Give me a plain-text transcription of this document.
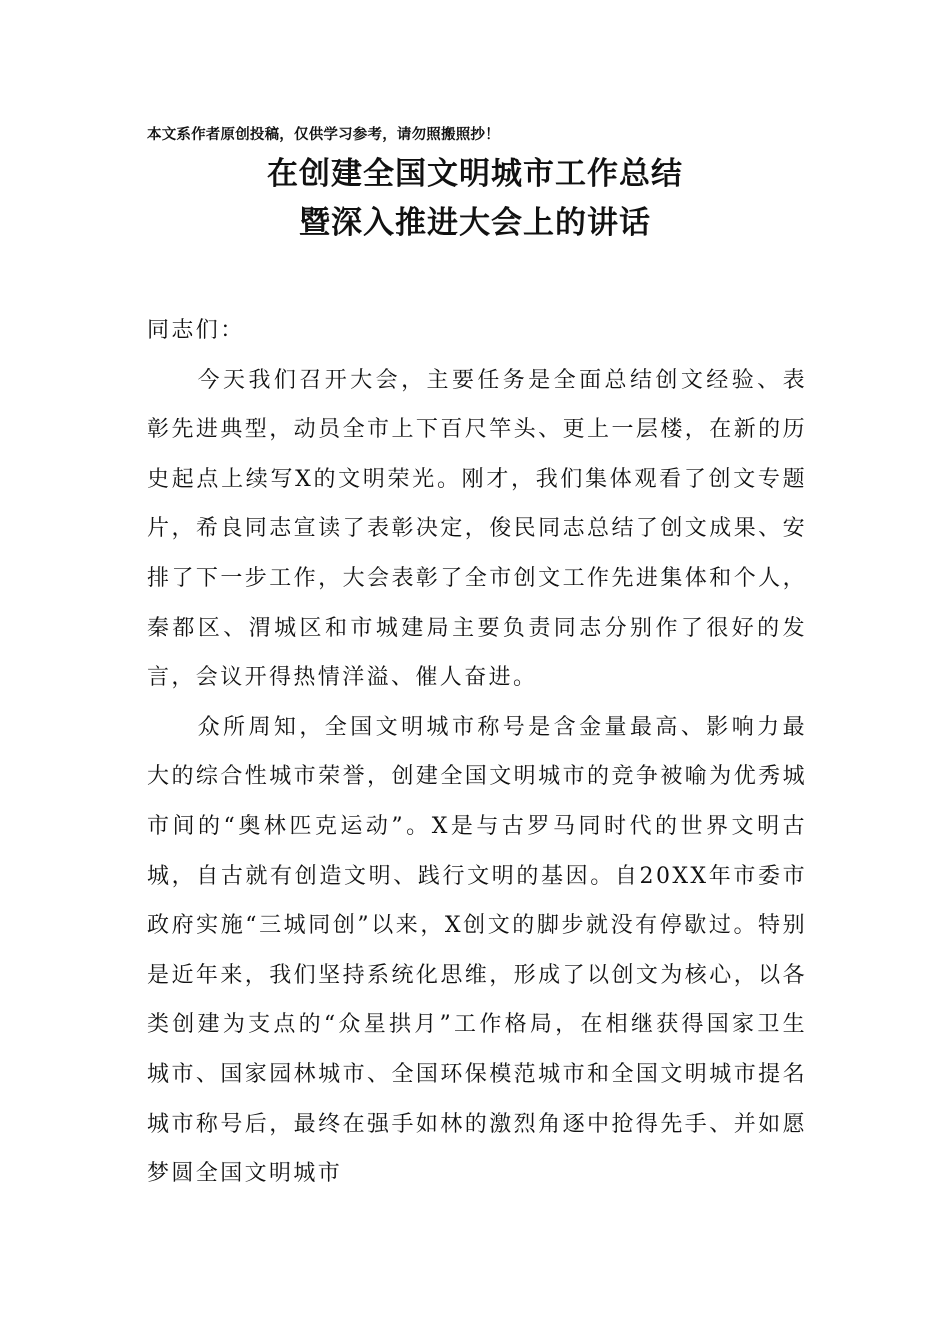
本文系作者原创投稿，仅供学习参考，请勿照搬照抄！
在创建全国文明城市工作总结
暨深入推进大会上的讲话

同志们：

今天我们召开大会，主要任务是全面总结创文经验、表彰先进典型，动员全市上下百尺竿头、更上一层楼，在新的历史起点上续写X的文明荣光。刚才，我们集体观看了创文专题片，希良同志宣读了表彰决定，俊民同志总结了创文成果、安排了下一步工作，大会表彰了全市创文工作先进集体和个人，秦都区、渭城区和市城建局主要负责同志分别作了很好的发言，会议开得热情洋溢、催人奋进。

众所周知，全国文明城市称号是含金量最高、影响力最大的综合性城市荣誉，创建全国文明城市的竞争被喻为优秀城市间的“奥林匹克运动”。X是与古罗马同时代的世界文明古城，自古就有创造文明、践行文明的基因。自20XX年市委市政府实施“三城同创”以来，X创文的脚步就没有停歇过。特别是近年来，我们坚持系统化思维，形成了以创文为核心，以各类创建为支点的“众星拱月”工作格局，在相继获得国家卫生城市、国家园林城市、全国环保模范城市和全国文明城市提名城市称号后，最终在强手如林的激烈角逐中抢得先手、并如愿梦圆全国文明城市
